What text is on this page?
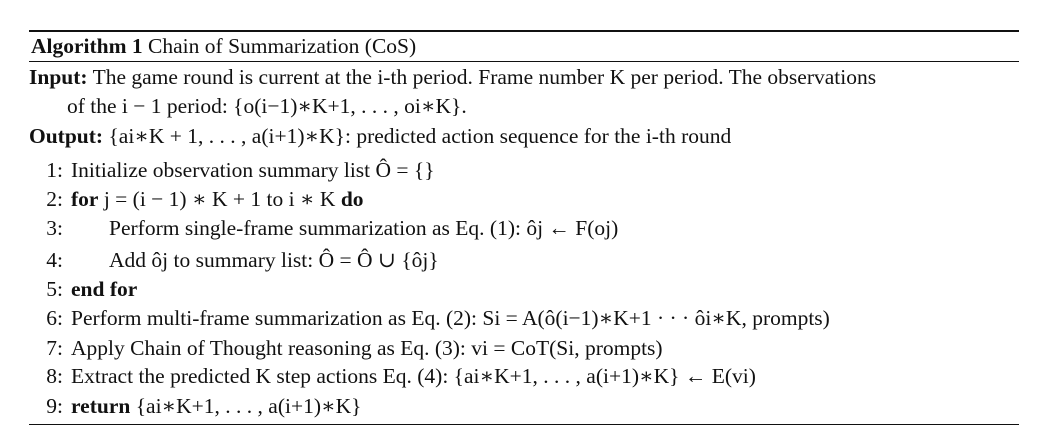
Algorithm 1 Chain of Summarization (CoS)
Input: The game round is current at the i-th period. Frame number K per period. The observations
of the i − 1 period: {o(i−1)∗K+1, . . . , oi∗K}.
Output: {ai∗K + 1, . . . , a(i+1)∗K}: predicted action sequence for the i-th round
1: Initialize observation summary list Ô = {}
2: for j = (i − 1) ∗ K + 1 to i ∗ K do
3: Perform single-frame summarization as Eq. (1): ôj ← F(oj)
4: Add ôj to summary list: Ô = Ô ∪ {ôj}
5: end for
6: Perform multi-frame summarization as Eq. (2): Si = A(ô(i−1)∗K+1 · · · ôi∗K, prompts)
7: Apply Chain of Thought reasoning as Eq. (3): vi = CoT(Si, prompts)
8: Extract the predicted K step actions Eq. (4): {ai∗K+1, . . . , a(i+1)∗K} ← E(vi)
9: return {ai∗K+1, . . . , a(i+1)∗K}
